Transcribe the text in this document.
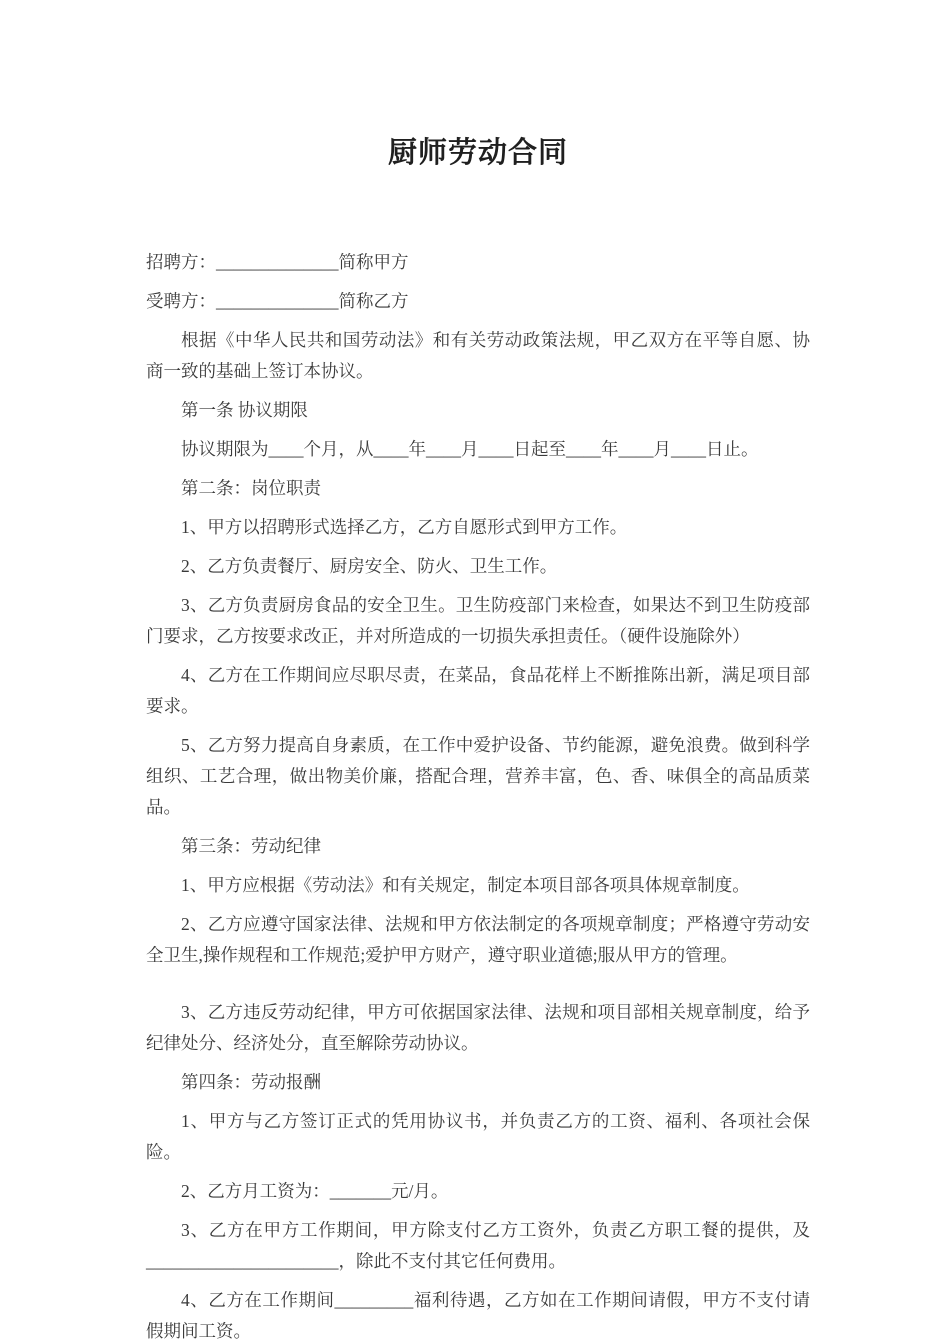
厨师劳动合同

招聘方：______________简称甲方

受聘方：______________简称乙方

根据《中华人民共和国劳动法》和有关劳动政策法规，甲乙双方在平等自愿、协商一致的基础上签订本协议。

第一条 协议期限

协议期限为____个月，从____年____月____日起至____年____月____日止。

第二条：岗位职责

1、甲方以招聘形式选择乙方，乙方自愿形式到甲方工作。

2、乙方负责餐厅、厨房安全、防火、卫生工作。

3、乙方负责厨房食品的安全卫生。卫生防疫部门来检查，如果达不到卫生防疫部门要求，乙方按要求改正，并对所造成的一切损失承担责任。（硬件设施除外）

4、乙方在工作期间应尽职尽责，在菜品，食品花样上不断推陈出新，满足项目部要求。

5、乙方努力提高自身素质，在工作中爱护设备、节约能源，避免浪费。做到科学组织、工艺合理，做出物美价廉，搭配合理，营养丰富，色、香、味俱全的高品质菜品。

第三条：劳动纪律

1、甲方应根据《劳动法》和有关规定，制定本项目部各项具体规章制度。

2、乙方应遵守国家法律、法规和甲方依法制定的各项规章制度；严格遵守劳动安全卫生,操作规程和工作规范;爱护甲方财产，遵守职业道德;服从甲方的管理。

3、乙方违反劳动纪律，甲方可依据国家法律、法规和项目部相关规章制度，给予纪律处分、经济处分，直至解除劳动协议。

第四条：劳动报酬

1、甲方与乙方签订正式的凭用协议书，并负责乙方的工资、福利、各项社会保险。

2、乙方月工资为：_______元/月。

3、乙方在甲方工作期间，甲方除支付乙方工资外，负责乙方职工餐的提供，及______________________，除此不支付其它任何费用。

4、乙方在工作期间_________福利待遇，乙方如在工作期间请假，甲方不支付请假期间工资。
